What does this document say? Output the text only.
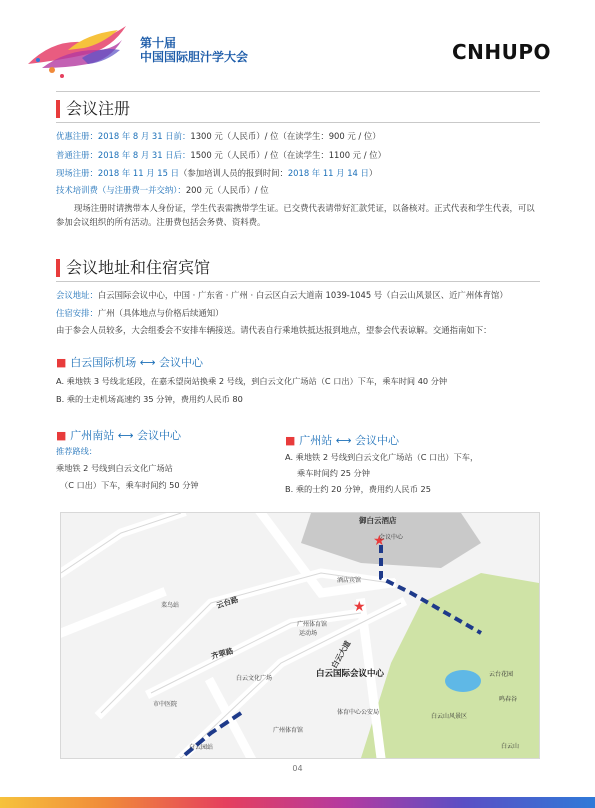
第十届
中国国际胆汁学大会	CNHUPO
会议注册
优惠注册：2018 年 8 月 31 日前：1300 元（人民币）/ 位（在读学生：900 元 / 位）
普通注册：2018 年 8 月 31 日后：1500 元（人民币）/ 位（在读学生：1100 元 / 位）
现场注册：2018 年 11 月 15 日（参加培训人员的报到时间：2018 年 11 月 14 日）
技术培训费（与注册费一并交纳）：200 元（人民币）/ 位
现场注册时请携带本人身份证，学生代表需携带学生证。已交费代表请带好汇款凭证，以备核对。正式代表和学生代表，可以参加会议组织的所有活动。注册费包括会务费、资料费。
会议地址和住宿宾馆
会议地址：白云国际会议中心，中国 · 广东省 · 广州 · 白云区白云大道南 1039-1045 号（白云山风景区、近广州体育馆）
住宿安排：广州（具体地点与价格后续通知）
由于参会人员较多，大会组委会不安排车辆接送。请代表自行乘地铁抵达报到地点，望参会代表谅解。交通指南如下：
■ 白云国际机场 ⟷ 会议中心
A. 乘地铁 3 号线北延段，在嘉禾望岗站换乘 2 号线，到白云文化广场站（C 口出）下车，乘车时间 40 分钟
B. 乘的士走机场高速约 35 分钟，费用约人民币 80
■ 广州南站 ⟷ 会议中心
推荐路线：
乘地铁 2 号线到白云文化广场站
（C 口出）下车，乘车时间约 50 分钟
■ 广州站 ⟷ 会议中心
A. 乘地铁 2 号线到白云文化广场站（C 口出）下车，
乘车时间约 25 分钟
B. 乘的士约 20 分钟，费用约人民币 25
★
★
御白云酒店
会议中心
酒店宾馆
菜鸟站	云台路
广州体育馆
运动场
齐翠路
白云文化广场
市中医院
白云大道
白云国际会议中心
体育中心公安局
广州体育馆
白云园站
云台花园
白云山风景区
白云山
鸣春谷
04
